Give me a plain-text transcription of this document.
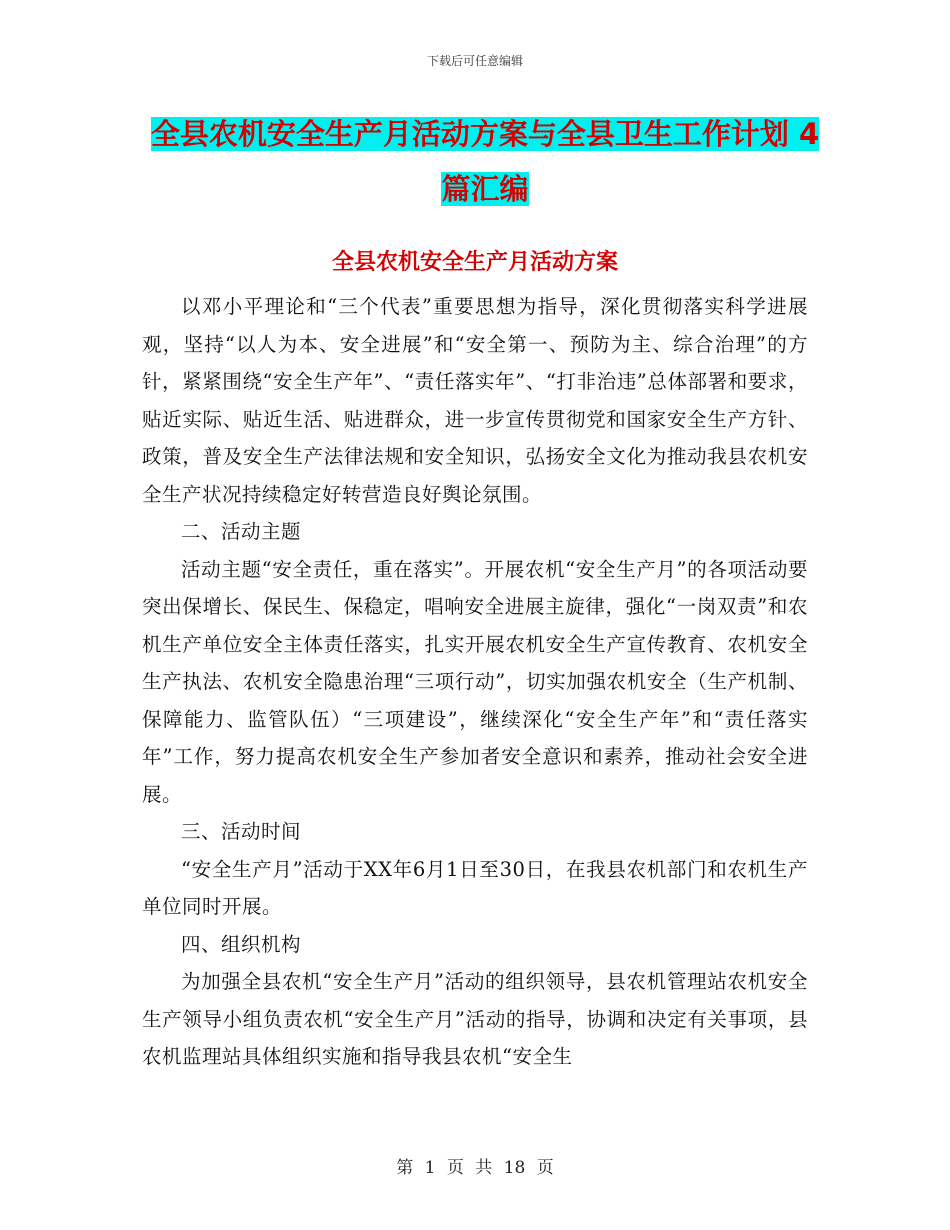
下载后可任意编辑
全县农机安全生产月活动方案与全县卫生工作计划 4
篇汇编
全县农机安全生产月活动方案

以邓小平理论和“三个代表”重要思想为指导，深化贯彻落实科学进展观，坚持“以人为本、安全进展”和“安全第一、预防为主、综合治理”的方针，紧紧围绕“安全生产年”、“责任落实年”、“打非治违”总体部署和要求，贴近实际、贴近生活、贴进群众，进一步宣传贯彻党和国家安全生产方针、政策，普及安全生产法律法规和安全知识，弘扬安全文化为推动我县农机安全生产状况持续稳定好转营造良好舆论氛围。

二、活动主题

活动主题“安全责任，重在落实”。开展农机“安全生产月”的各项活动要突出保增长、保民生、保稳定，唱响安全进展主旋律，强化“一岗双责”和农机生产单位安全主体责任落实，扎实开展农机安全生产宣传教育、农机安全生产执法、农机安全隐患治理“三项行动”，切实加强农机安全（生产机制、保障能力、监管队伍）“三项建设”，继续深化“安全生产年”和“责任落实年”工作，努力提高农机安全生产参加者安全意识和素养，推动社会安全进展。

三、活动时间

“安全生产月”活动于XX年6月1日至30日，在我县农机部门和农机生产单位同时开展。

四、组织机构

为加强全县农机“安全生产月”活动的组织领导，县农机管理站农机安全生产领导小组负责农机“安全生产月”活动的指导，协调和决定有关事项，县农机监理站具体组织实施和指导我县农机“安全生

第 1 页 共 18 页
